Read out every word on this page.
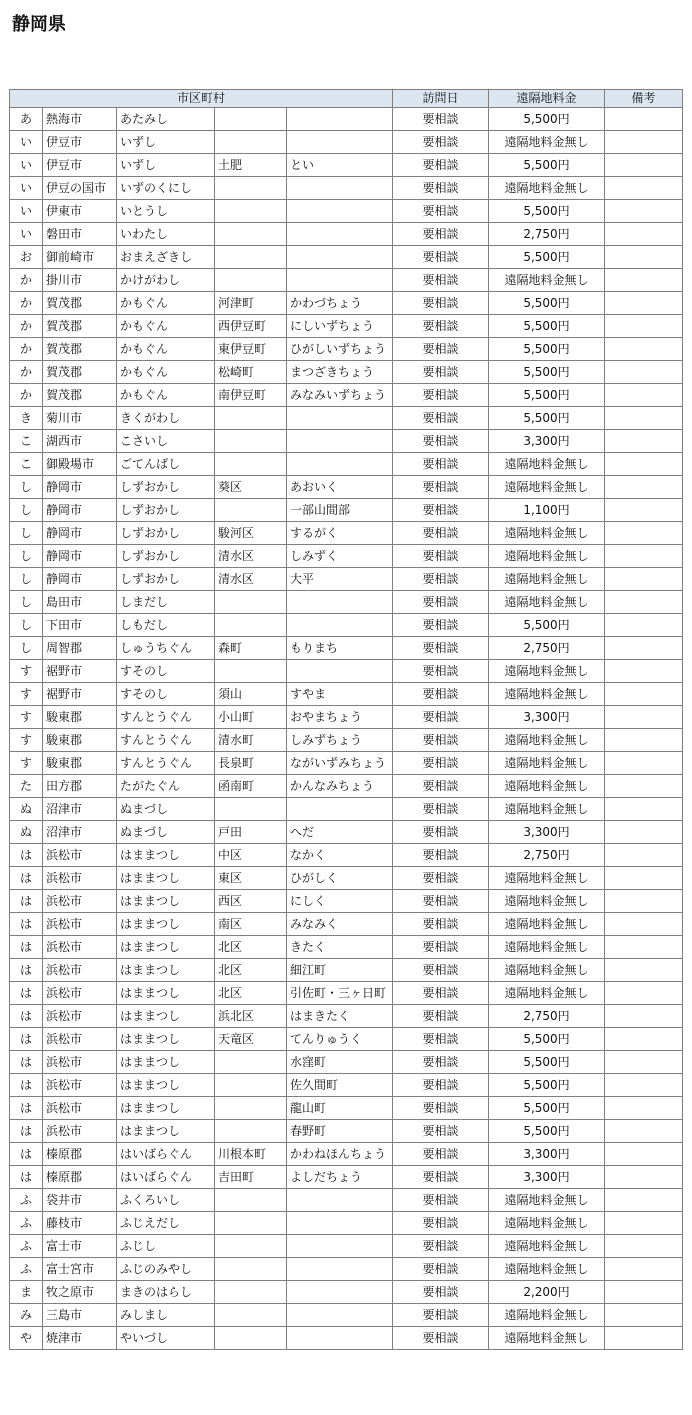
静岡県
市区町村					訪問日	遠隔地料金	備考
あ	熱海市	あたみし			要相談	5,500円	
い	伊豆市	いずし			要相談	遠隔地料金無し	
い	伊豆市	いずし	土肥	とい	要相談	5,500円	
い	伊豆の国市	いずのくにし			要相談	遠隔地料金無し	
い	伊東市	いとうし			要相談	5,500円	
い	磐田市	いわたし			要相談	2,750円	
お	御前崎市	おまえざきし			要相談	5,500円	
か	掛川市	かけがわし			要相談	遠隔地料金無し	
か	賀茂郡	かもぐん	河津町	かわづちょう	要相談	5,500円	
か	賀茂郡	かもぐん	西伊豆町	にしいずちょう	要相談	5,500円	
か	賀茂郡	かもぐん	東伊豆町	ひがしいずちょう	要相談	5,500円	
か	賀茂郡	かもぐん	松崎町	まつざきちょう	要相談	5,500円	
か	賀茂郡	かもぐん	南伊豆町	みなみいずちょう	要相談	5,500円	
き	菊川市	きくがわし			要相談	5,500円	
こ	湖西市	こさいし			要相談	3,300円	
こ	御殿場市	ごてんばし			要相談	遠隔地料金無し	
し	静岡市	しずおかし	葵区	あおいく	要相談	遠隔地料金無し	
し	静岡市	しずおかし		一部山間部	要相談	1,100円	
し	静岡市	しずおかし	駿河区	するがく	要相談	遠隔地料金無し	
し	静岡市	しずおかし	清水区	しみずく	要相談	遠隔地料金無し	
し	静岡市	しずおかし	清水区	大平	要相談	遠隔地料金無し	
し	島田市	しまだし			要相談	遠隔地料金無し	
し	下田市	しもだし			要相談	5,500円	
し	周智郡	しゅうちぐん	森町	もりまち	要相談	2,750円	
す	裾野市	すそのし			要相談	遠隔地料金無し	
す	裾野市	すそのし	須山	すやま	要相談	遠隔地料金無し	
す	駿東郡	すんとうぐん	小山町	おやまちょう	要相談	3,300円	
す	駿東郡	すんとうぐん	清水町	しみずちょう	要相談	遠隔地料金無し	
す	駿東郡	すんとうぐん	長泉町	ながいずみちょう	要相談	遠隔地料金無し	
た	田方郡	たがたぐん	函南町	かんなみちょう	要相談	遠隔地料金無し	
ぬ	沼津市	ぬまづし			要相談	遠隔地料金無し	
ぬ	沼津市	ぬまづし	戸田	へだ	要相談	3,300円	
は	浜松市	はままつし	中区	なかく	要相談	2,750円	
は	浜松市	はままつし	東区	ひがしく	要相談	遠隔地料金無し	
は	浜松市	はままつし	西区	にしく	要相談	遠隔地料金無し	
は	浜松市	はままつし	南区	みなみく	要相談	遠隔地料金無し	
は	浜松市	はままつし	北区	きたく	要相談	遠隔地料金無し	
は	浜松市	はままつし	北区	細江町	要相談	遠隔地料金無し	
は	浜松市	はままつし	北区	引佐町・三ヶ日町	要相談	遠隔地料金無し	
は	浜松市	はままつし	浜北区	はまきたく	要相談	2,750円	
は	浜松市	はままつし	天竜区	てんりゅうく	要相談	5,500円	
は	浜松市	はままつし		水窪町	要相談	5,500円	
は	浜松市	はままつし		佐久間町	要相談	5,500円	
は	浜松市	はままつし		龍山町	要相談	5,500円	
は	浜松市	はままつし		春野町	要相談	5,500円	
は	榛原郡	はいばらぐん	川根本町	かわねほんちょう	要相談	3,300円	
は	榛原郡	はいばらぐん	吉田町	よしだちょう	要相談	3,300円	
ふ	袋井市	ふくろいし			要相談	遠隔地料金無し	
ふ	藤枝市	ふじえだし			要相談	遠隔地料金無し	
ふ	富士市	ふじし			要相談	遠隔地料金無し	
ふ	富士宮市	ふじのみやし			要相談	遠隔地料金無し	
ま	牧之原市	まきのはらし			要相談	2,200円	
み	三島市	みしまし			要相談	遠隔地料金無し	
や	焼津市	やいづし			要相談	遠隔地料金無し	
